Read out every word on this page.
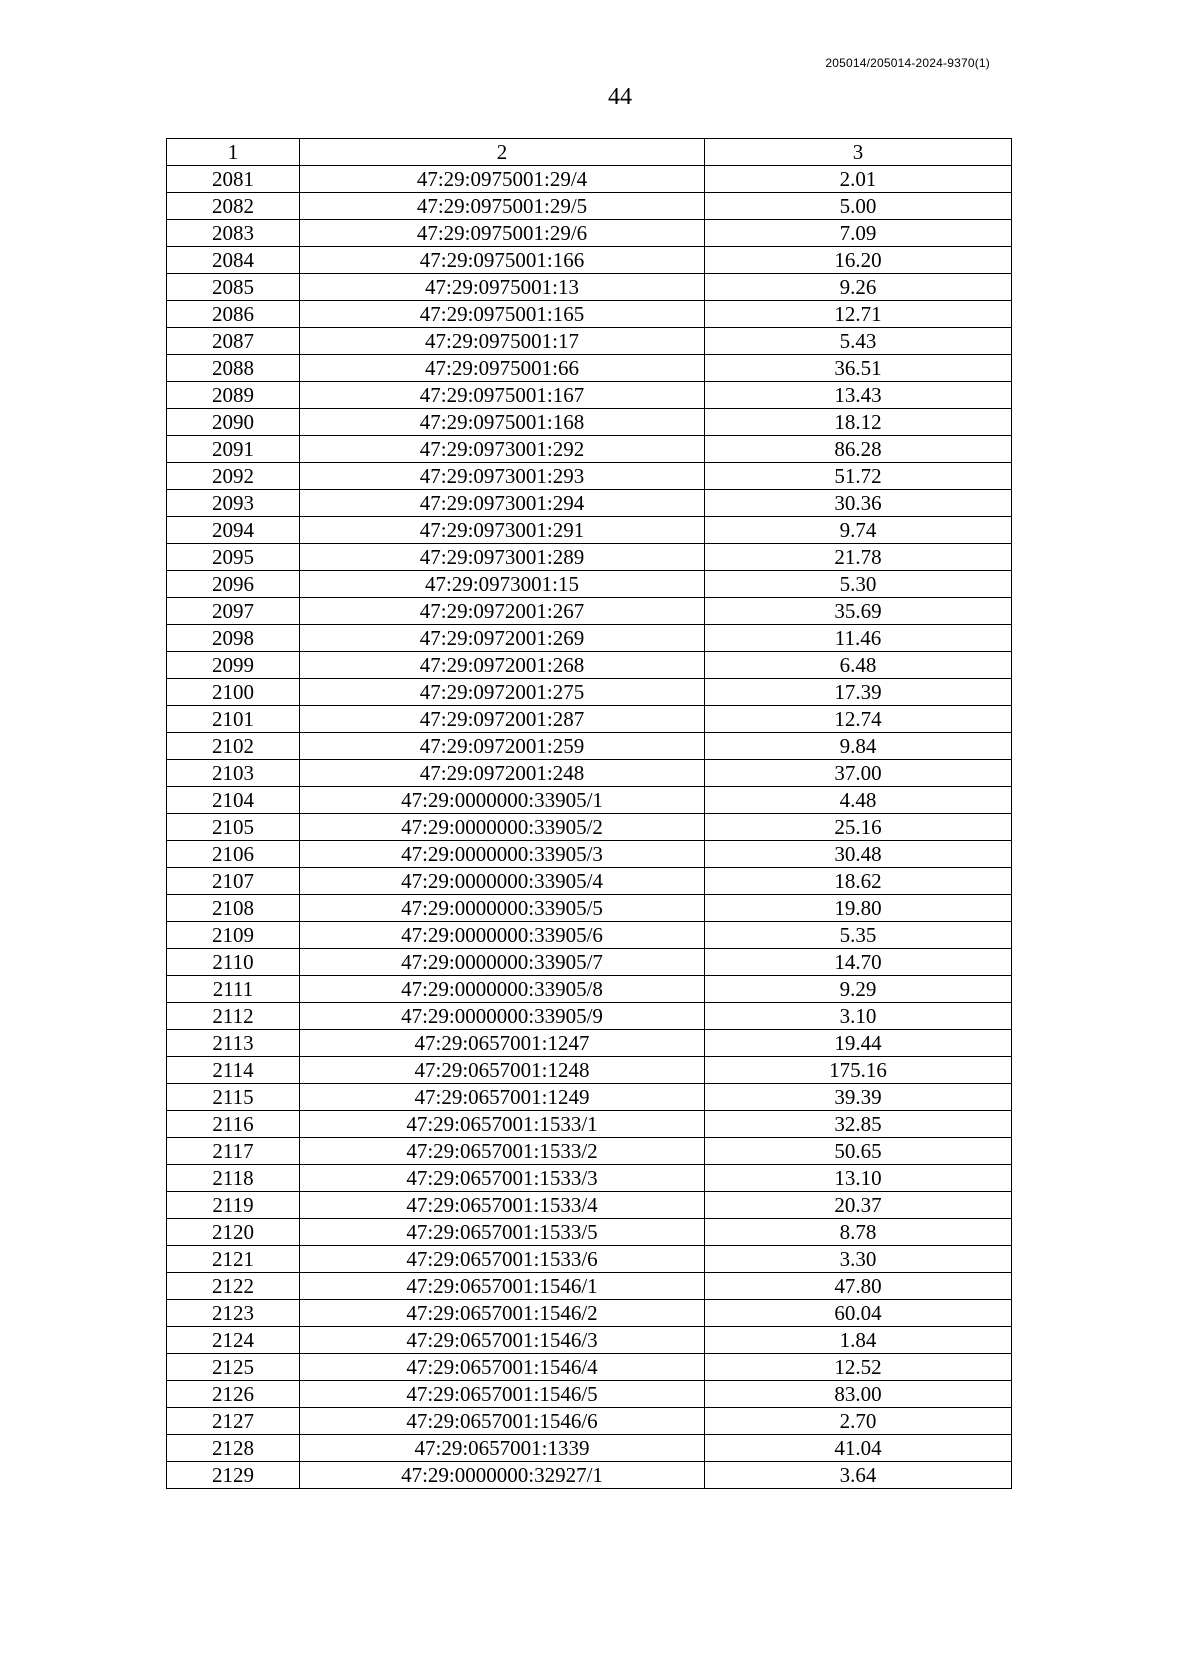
205014/205014-2024-9370(1)
44
1	2	3
2081	47:29:0975001:29/4	2.01
2082	47:29:0975001:29/5	5.00
2083	47:29:0975001:29/6	7.09
2084	47:29:0975001:166	16.20
2085	47:29:0975001:13	9.26
2086	47:29:0975001:165	12.71
2087	47:29:0975001:17	5.43
2088	47:29:0975001:66	36.51
2089	47:29:0975001:167	13.43
2090	47:29:0975001:168	18.12
2091	47:29:0973001:292	86.28
2092	47:29:0973001:293	51.72
2093	47:29:0973001:294	30.36
2094	47:29:0973001:291	9.74
2095	47:29:0973001:289	21.78
2096	47:29:0973001:15	5.30
2097	47:29:0972001:267	35.69
2098	47:29:0972001:269	11.46
2099	47:29:0972001:268	6.48
2100	47:29:0972001:275	17.39
2101	47:29:0972001:287	12.74
2102	47:29:0972001:259	9.84
2103	47:29:0972001:248	37.00
2104	47:29:0000000:33905/1	4.48
2105	47:29:0000000:33905/2	25.16
2106	47:29:0000000:33905/3	30.48
2107	47:29:0000000:33905/4	18.62
2108	47:29:0000000:33905/5	19.80
2109	47:29:0000000:33905/6	5.35
2110	47:29:0000000:33905/7	14.70
2111	47:29:0000000:33905/8	9.29
2112	47:29:0000000:33905/9	3.10
2113	47:29:0657001:1247	19.44
2114	47:29:0657001:1248	175.16
2115	47:29:0657001:1249	39.39
2116	47:29:0657001:1533/1	32.85
2117	47:29:0657001:1533/2	50.65
2118	47:29:0657001:1533/3	13.10
2119	47:29:0657001:1533/4	20.37
2120	47:29:0657001:1533/5	8.78
2121	47:29:0657001:1533/6	3.30
2122	47:29:0657001:1546/1	47.80
2123	47:29:0657001:1546/2	60.04
2124	47:29:0657001:1546/3	1.84
2125	47:29:0657001:1546/4	12.52
2126	47:29:0657001:1546/5	83.00
2127	47:29:0657001:1546/6	2.70
2128	47:29:0657001:1339	41.04
2129	47:29:0000000:32927/1	3.64
